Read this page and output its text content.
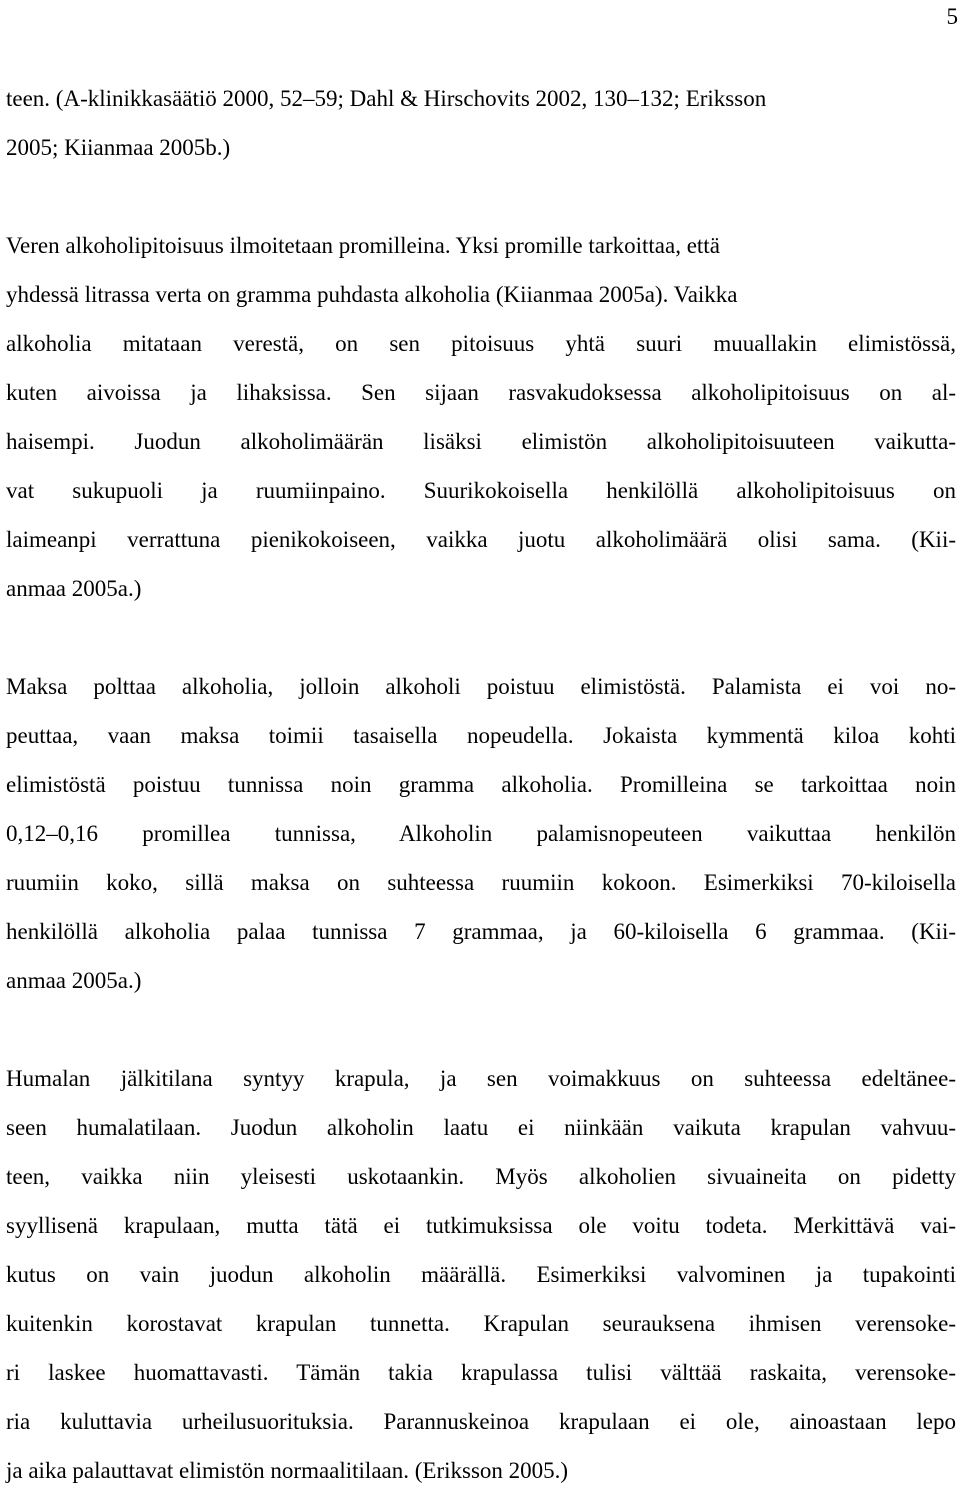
5
teen. (A-klinikkasäätiö 2000, 52–59; Dahl & Hirschovits 2002, 130–132; Eriksson
2005; Kiianmaa 2005b.)
Veren alkoholipitoisuus ilmoitetaan promilleina. Yksi promille tarkoittaa, että
yhdessä litrassa verta on gramma puhdasta alkoholia (Kiianmaa 2005a). Vaikka
alkoholia mitataan verestä, on sen pitoisuus yhtä suuri muuallakin elimistössä,
kuten aivoissa ja lihaksissa. Sen sijaan rasvakudoksessa alkoholipitoisuus on al-
haisempi. Juodun alkoholimäärän lisäksi elimistön alkoholipitoisuuteen vaikutta-
vat sukupuoli ja ruumiinpaino. Suurikokoisella henkilöllä alkoholipitoisuus on
laimeanpi verrattuna pienikokoiseen, vaikka juotu alkoholimäärä olisi sama. (Kii-
anmaa 2005a.)
Maksa polttaa alkoholia, jolloin alkoholi poistuu elimistöstä. Palamista ei voi no-
peuttaa, vaan maksa toimii tasaisella nopeudella. Jokaista kymmentä kiloa kohti
elimistöstä poistuu tunnissa noin gramma alkoholia. Promilleina se tarkoittaa noin
0,12–0,16 promillea tunnissa, Alkoholin palamisnopeuteen vaikuttaa henkilön
ruumiin koko, sillä maksa on suhteessa ruumiin kokoon. Esimerkiksi 70-kiloisella
henkilöllä alkoholia palaa tunnissa 7 grammaa, ja 60-kiloisella 6 grammaa. (Kii-
anmaa 2005a.)
Humalan jälkitilana syntyy krapula, ja sen voimakkuus on suhteessa edeltänee-
seen humalatilaan. Juodun alkoholin laatu ei niinkään vaikuta krapulan vahvuu-
teen, vaikka niin yleisesti uskotaankin. Myös alkoholien sivuaineita on pidetty
syyllisenä krapulaan, mutta tätä ei tutkimuksissa ole voitu todeta. Merkittävä vai-
kutus on vain juodun alkoholin määrällä. Esimerkiksi valvominen ja tupakointi
kuitenkin korostavat krapulan tunnetta. Krapulan seurauksena ihmisen verensoke-
ri laskee huomattavasti. Tämän takia krapulassa tulisi välttää raskaita, verensoke-
ria kuluttavia urheilusuorituksia. Parannuskeinoa krapulaan ei ole, ainoastaan lepo
ja aika palauttavat elimistön normaalitilaan. (Eriksson 2005.)
